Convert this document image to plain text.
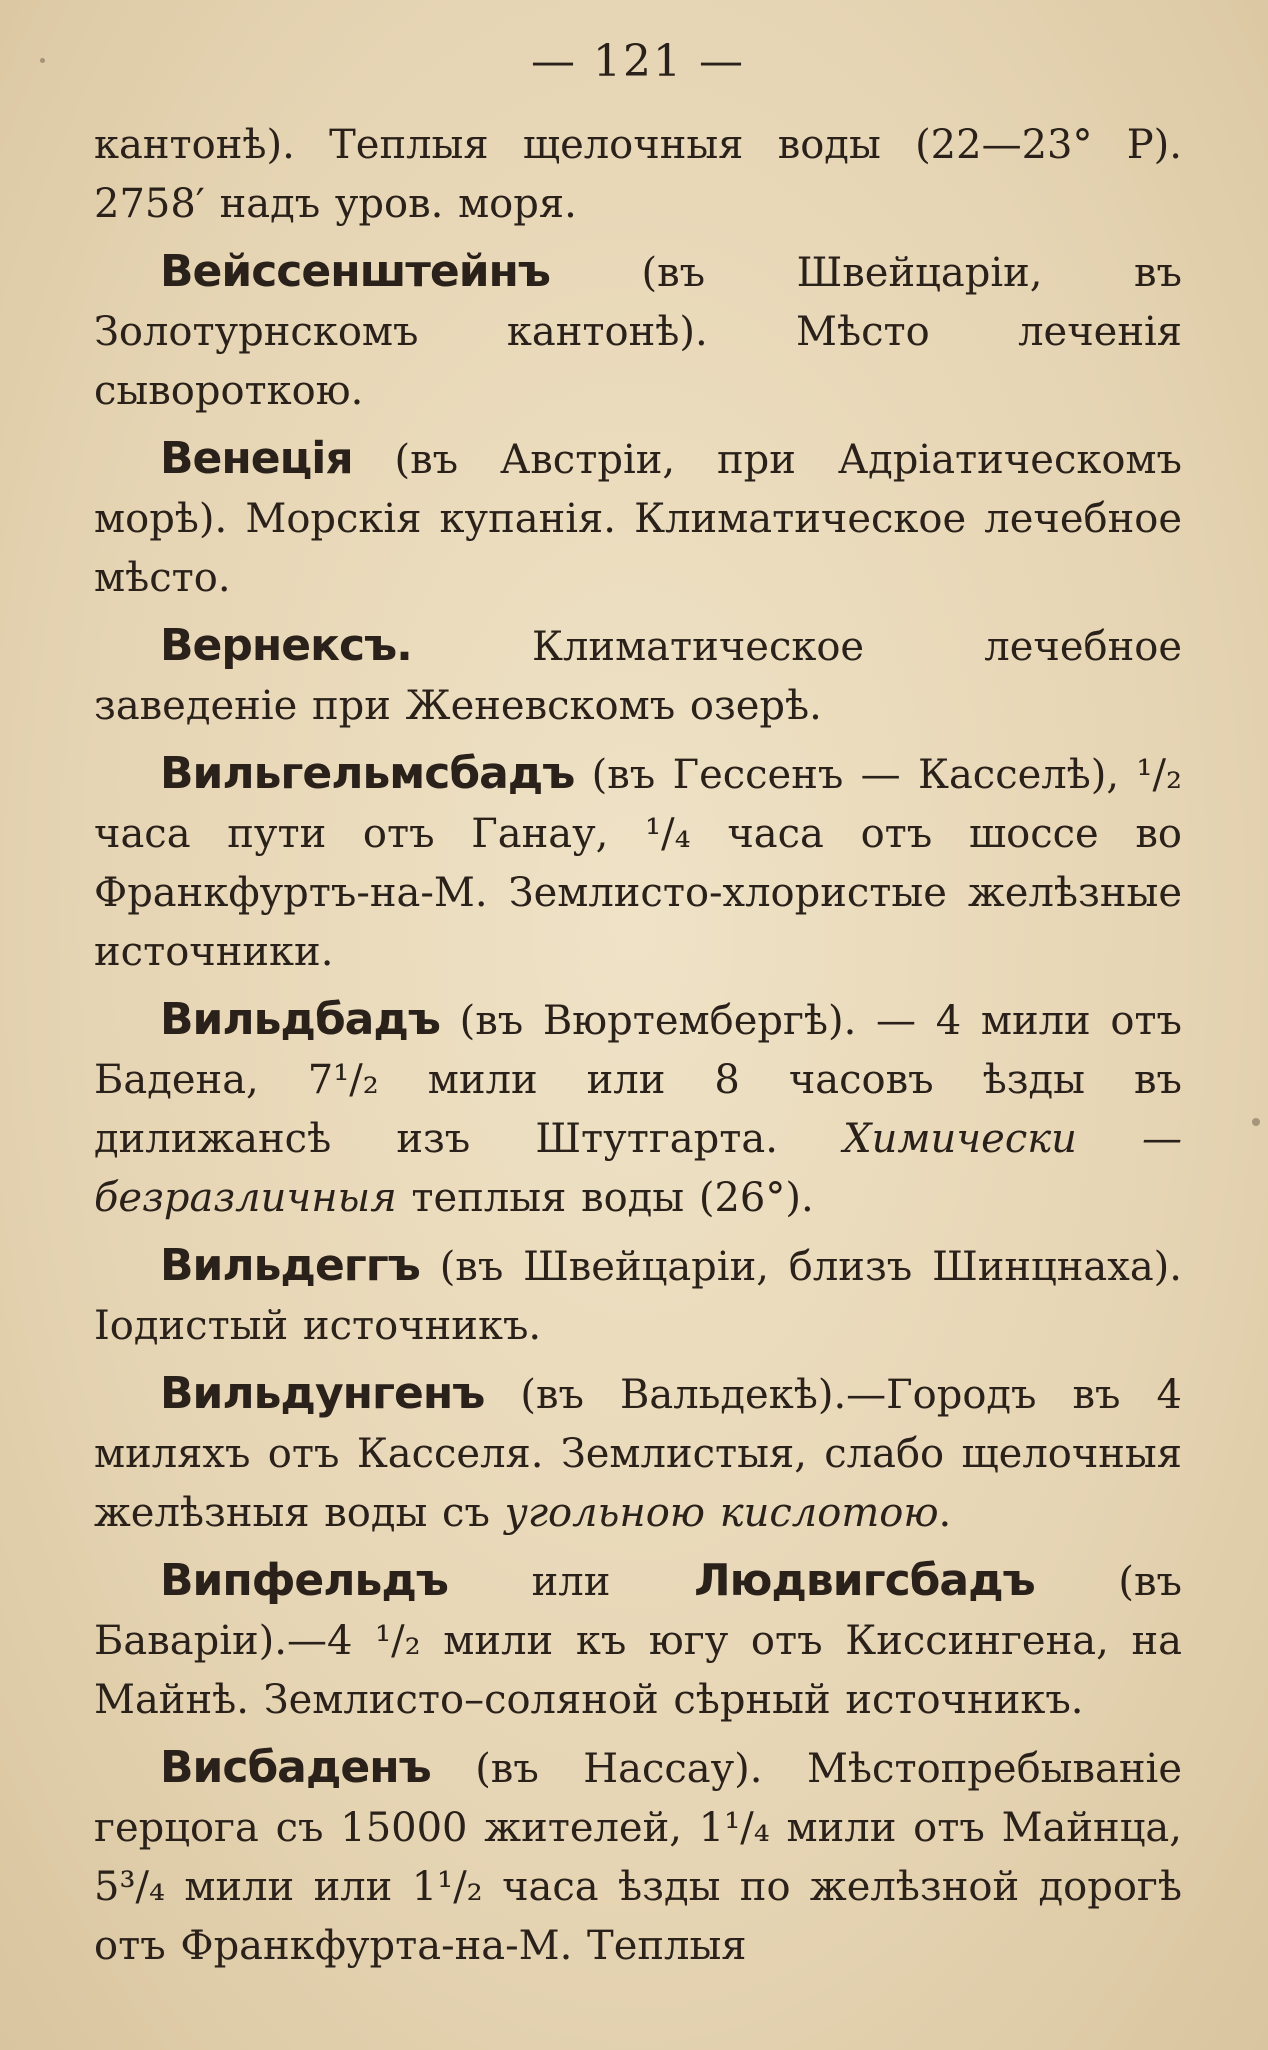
— 121 —

кантонѣ). Теплыя щелочныя воды (22—23° Р). 2758′ надъ уров. моря.

Вейссенштейнъ (въ Швейцаріи, въ Золотурнскомъ кантонѣ). Мѣсто леченія сывороткою.

Венеція (въ Австріи, при Адріатическомъ морѣ). Морскія купанія. Климатическое лечебное мѣсто.

Вернексъ. Климатическое лечебное заведеніе при Женевскомъ озерѣ.

Вильгельмсбадъ (въ Гессенъ — Касселѣ), ¹/₂ часа пути отъ Ганау, ¹/₄ часа отъ шоссе во Франкфуртъ-на-М. Землисто-хлористые желѣзные источники.

Вильдбадъ (въ Вюртембергѣ). — 4 мили отъ Бадена, 7¹/₂ мили или 8 часовъ ѣзды въ дилижансѣ изъ Штутгарта. Химически — безразличныя теплыя воды (26°).

Вильдеггъ (въ Швейцаріи, близъ Шинцнаха). Іодистый источникъ.

Вильдунгенъ (въ Вальдекѣ).—Городъ въ 4 миляхъ отъ Касселя. Землистыя, слабо щелочныя желѣзныя воды съ угольною кислотою.

Випфельдъ или Людвигсбадъ (въ Баваріи).—4 ¹/₂ мили къ югу отъ Киссингена, на Майнѣ. Землисто–соляной сѣрный источникъ.

Висбаденъ (въ Нассау). Мѣстопребываніе герцога съ 15000 жителей, 1¹/₄ мили отъ Майнца, 5³/₄ мили или 1¹/₂ часа ѣзды по желѣзной дорогѣ отъ Франкфурта-на-М. Теплыя
